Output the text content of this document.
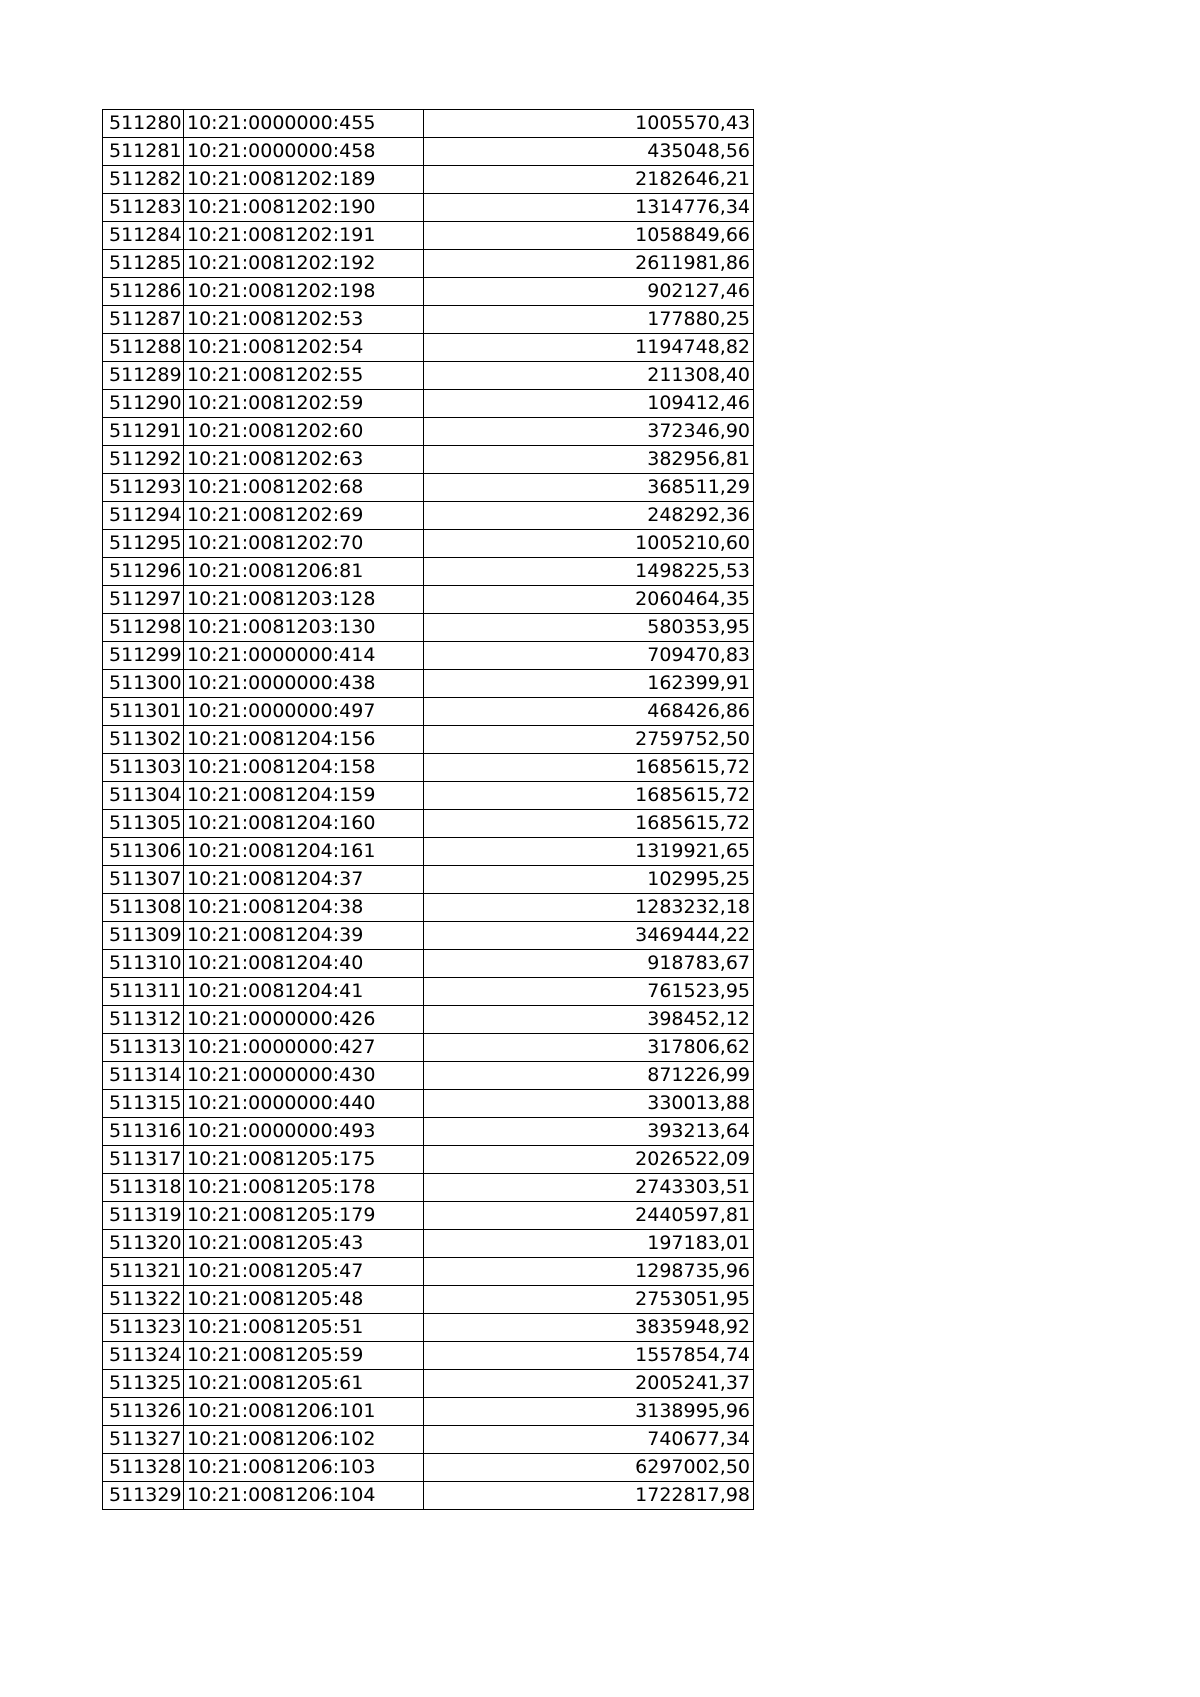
511280	10:21:0000000:455	1005570,43
511281	10:21:0000000:458	435048,56
511282	10:21:0081202:189	2182646,21
511283	10:21:0081202:190	1314776,34
511284	10:21:0081202:191	1058849,66
511285	10:21:0081202:192	2611981,86
511286	10:21:0081202:198	902127,46
511287	10:21:0081202:53	177880,25
511288	10:21:0081202:54	1194748,82
511289	10:21:0081202:55	211308,40
511290	10:21:0081202:59	109412,46
511291	10:21:0081202:60	372346,90
511292	10:21:0081202:63	382956,81
511293	10:21:0081202:68	368511,29
511294	10:21:0081202:69	248292,36
511295	10:21:0081202:70	1005210,60
511296	10:21:0081206:81	1498225,53
511297	10:21:0081203:128	2060464,35
511298	10:21:0081203:130	580353,95
511299	10:21:0000000:414	709470,83
511300	10:21:0000000:438	162399,91
511301	10:21:0000000:497	468426,86
511302	10:21:0081204:156	2759752,50
511303	10:21:0081204:158	1685615,72
511304	10:21:0081204:159	1685615,72
511305	10:21:0081204:160	1685615,72
511306	10:21:0081204:161	1319921,65
511307	10:21:0081204:37	102995,25
511308	10:21:0081204:38	1283232,18
511309	10:21:0081204:39	3469444,22
511310	10:21:0081204:40	918783,67
511311	10:21:0081204:41	761523,95
511312	10:21:0000000:426	398452,12
511313	10:21:0000000:427	317806,62
511314	10:21:0000000:430	871226,99
511315	10:21:0000000:440	330013,88
511316	10:21:0000000:493	393213,64
511317	10:21:0081205:175	2026522,09
511318	10:21:0081205:178	2743303,51
511319	10:21:0081205:179	2440597,81
511320	10:21:0081205:43	197183,01
511321	10:21:0081205:47	1298735,96
511322	10:21:0081205:48	2753051,95
511323	10:21:0081205:51	3835948,92
511324	10:21:0081205:59	1557854,74
511325	10:21:0081205:61	2005241,37
511326	10:21:0081206:101	3138995,96
511327	10:21:0081206:102	740677,34
511328	10:21:0081206:103	6297002,50
511329	10:21:0081206:104	1722817,98
